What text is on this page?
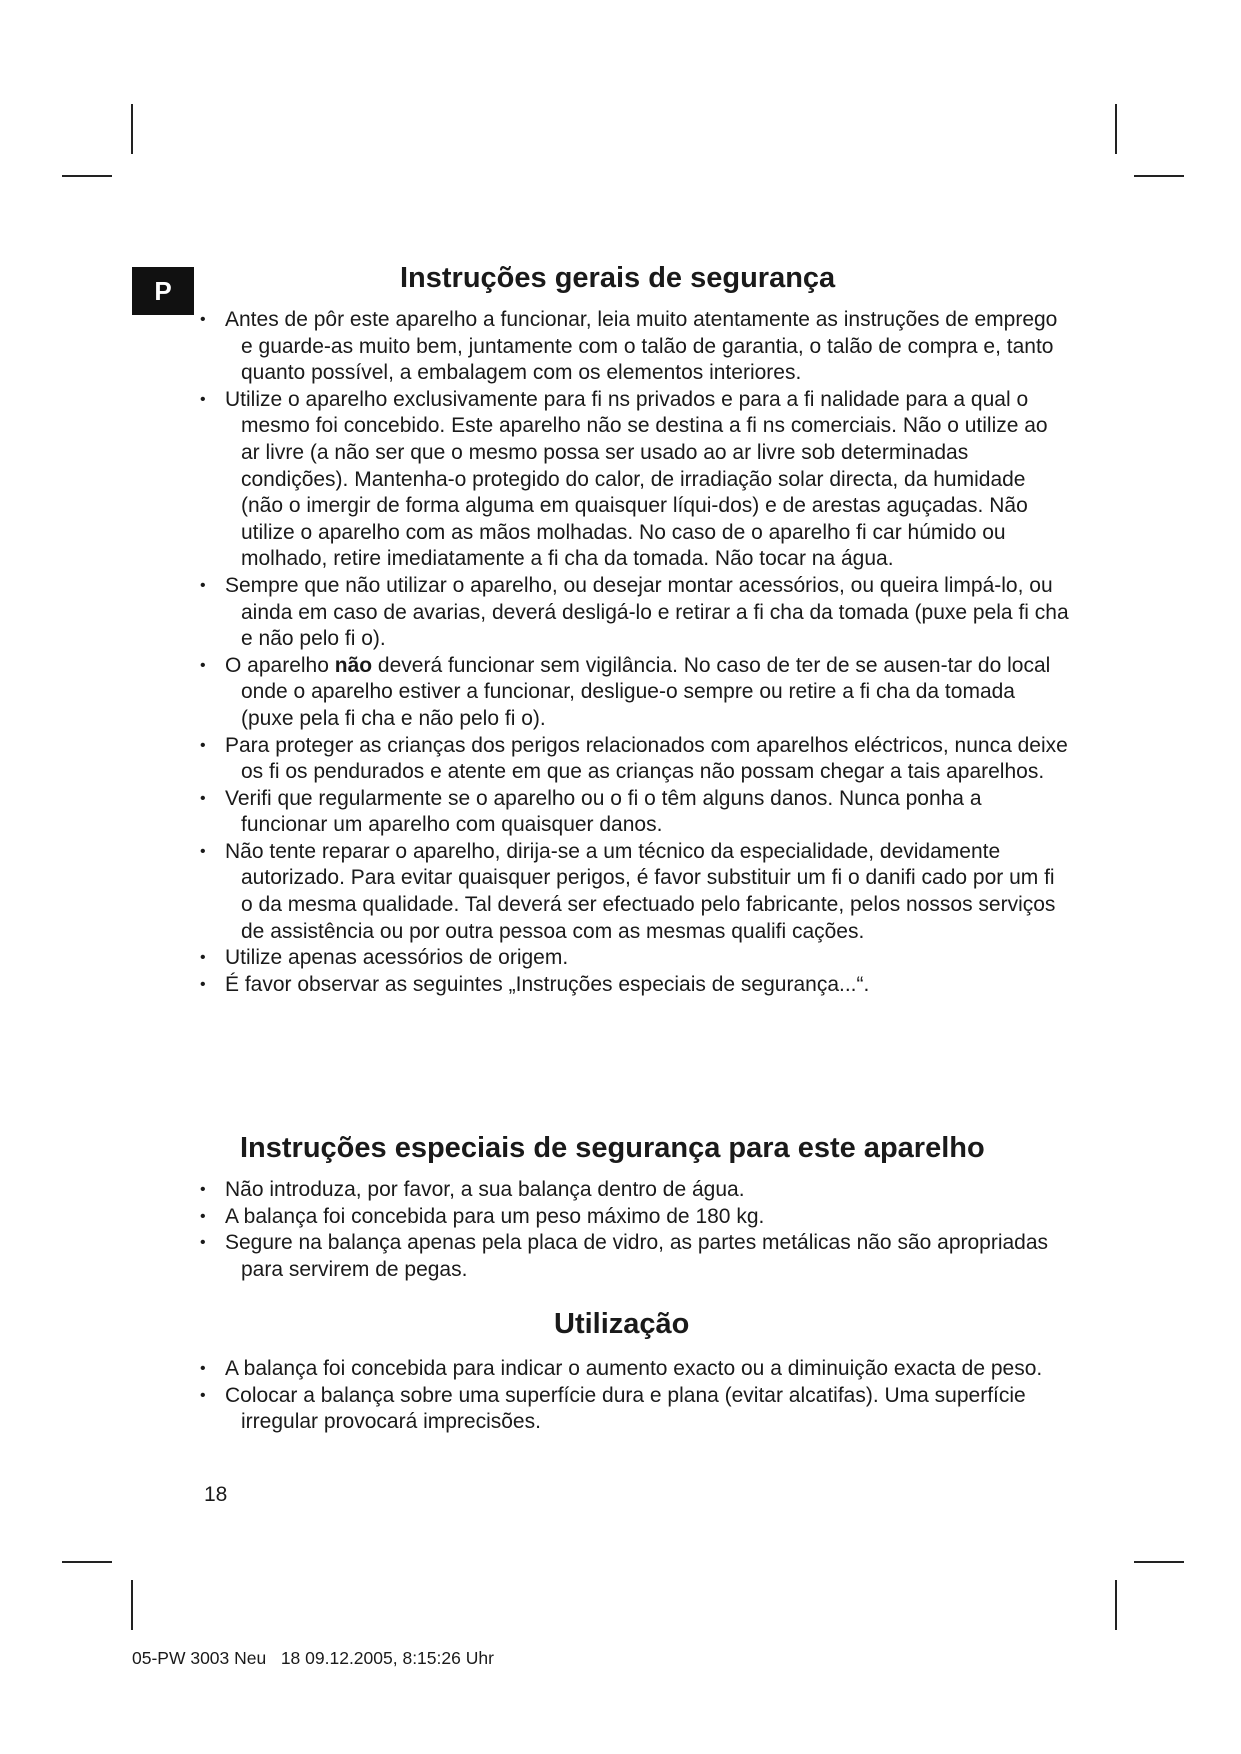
P	Instruções gerais de segurança
• Antes de pôr este aparelho a funcionar, leia muito atentamente as instruções de emprego e guarde-as muito bem, juntamente com o talão de garantia, o talão de compra e, tanto quanto possível, a embalagem com os elementos interiores.
• Utilize o aparelho exclusivamente para fi ns privados e para a fi nalidade para a qual o mesmo foi concebido. Este aparelho não se destina a fi ns comerciais. Não o utilize ao ar livre (a não ser que o mesmo possa ser usado ao ar livre sob determinadas condições). Mantenha-o protegido do calor, de irradiação solar directa, da humidade (não o imergir de forma alguma em quaisquer líqui-dos) e de arestas aguçadas. Não utilize o aparelho com as mãos molhadas. No caso de o aparelho fi car húmido ou molhado, retire imediatamente a fi cha da tomada. Não tocar na água.
• Sempre que não utilizar o aparelho, ou desejar montar acessórios, ou queira limpá-lo, ou ainda em caso de avarias, deverá desligá-lo e retirar a fi cha da tomada (puxe pela fi cha e não pelo fi o).
• O aparelho não deverá funcionar sem vigilância. No caso de ter de se ausen-tar do local onde o aparelho estiver a funcionar, desligue-o sempre ou retire a fi cha da tomada (puxe pela fi cha e não pelo fi o).
• Para proteger as crianças dos perigos relacionados com aparelhos eléctricos, nunca deixe os fi os pendurados e atente em que as crianças não possam chegar a tais aparelhos.
• Verifi que regularmente se o aparelho ou o fi o têm alguns danos. Nunca ponha a funcionar um aparelho com quaisquer danos.
• Não tente reparar o aparelho, dirija-se a um técnico da especialidade, devidamente autorizado. Para evitar quaisquer perigos, é favor substituir um fi o danifi cado por um fi o da mesma qualidade. Tal deverá ser efectuado pelo fabricante, pelos nossos serviços de assistência ou por outra pessoa com as mesmas qualifi cações.
• Utilize apenas acessórios de origem.
• É favor observar as seguintes „Instruções especiais de segurança...“.
Instruções especiais de segurança para este aparelho
• Não introduza, por favor, a sua balança dentro de água.
• A balança foi concebida para um peso máximo de 180 kg.
• Segure na balança apenas pela placa de vidro, as partes metálicas não são apropriadas para servirem de pegas.
Utilização
• A balança foi concebida para indicar o aumento exacto ou a diminuição exacta de peso.
• Colocar a balança sobre uma superfície dura e plana (evitar alcatifas). Uma superfície irregular provocará imprecisões.
18
05-PW 3003 Neu   18 09.12.2005, 8:15:26 Uhr
